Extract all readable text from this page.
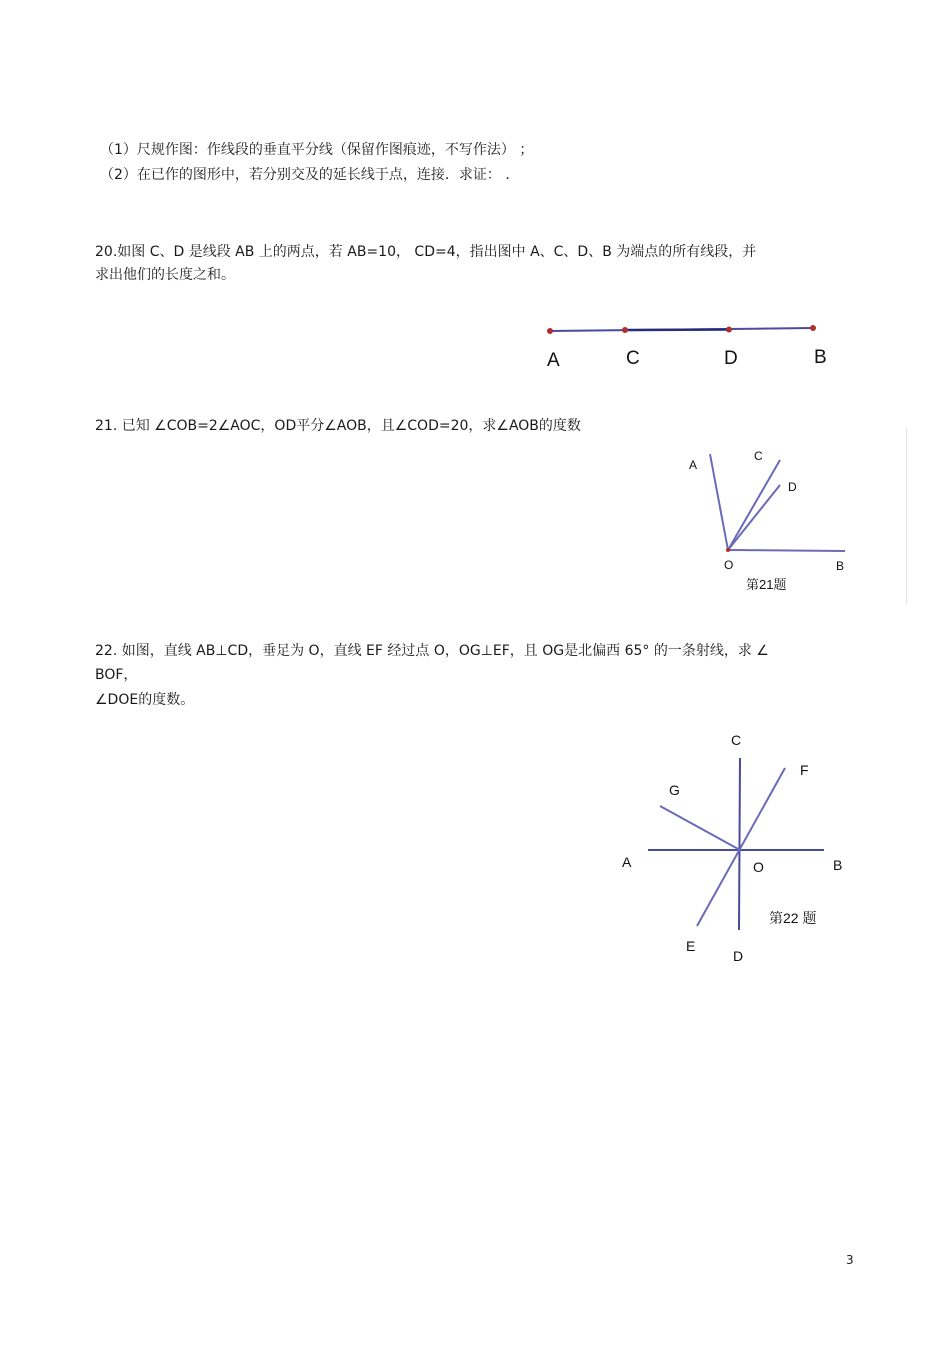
（1）尺规作图：作线段的垂直平分线（保留作图痕迹，不写作法） ；
（2）在已作的图形中，若分别交及的延长线于点，连接．求证： ．
20.如图 C、D 是线段 AB 上的两点，若 AB=10， CD=4，指出图中 A、C、D、B 为端点的所有线段，并
求出他们的长度之和。
A	C	D	B
21. 已知 ∠COB=2∠AOC，OD平分∠AOB，且∠COD=20，求∠AOB的度数
A
C
D
O	B
第21题
22. 如图，直线 AB⊥CD，垂足为 O，直线 EF 经过点 O，OG⊥EF，且 OG是北偏西 65° 的一条射线，求 ∠
BOF，
∠DOE的度数。
C
F
G
A	O	B
第22 题
E
D
3
